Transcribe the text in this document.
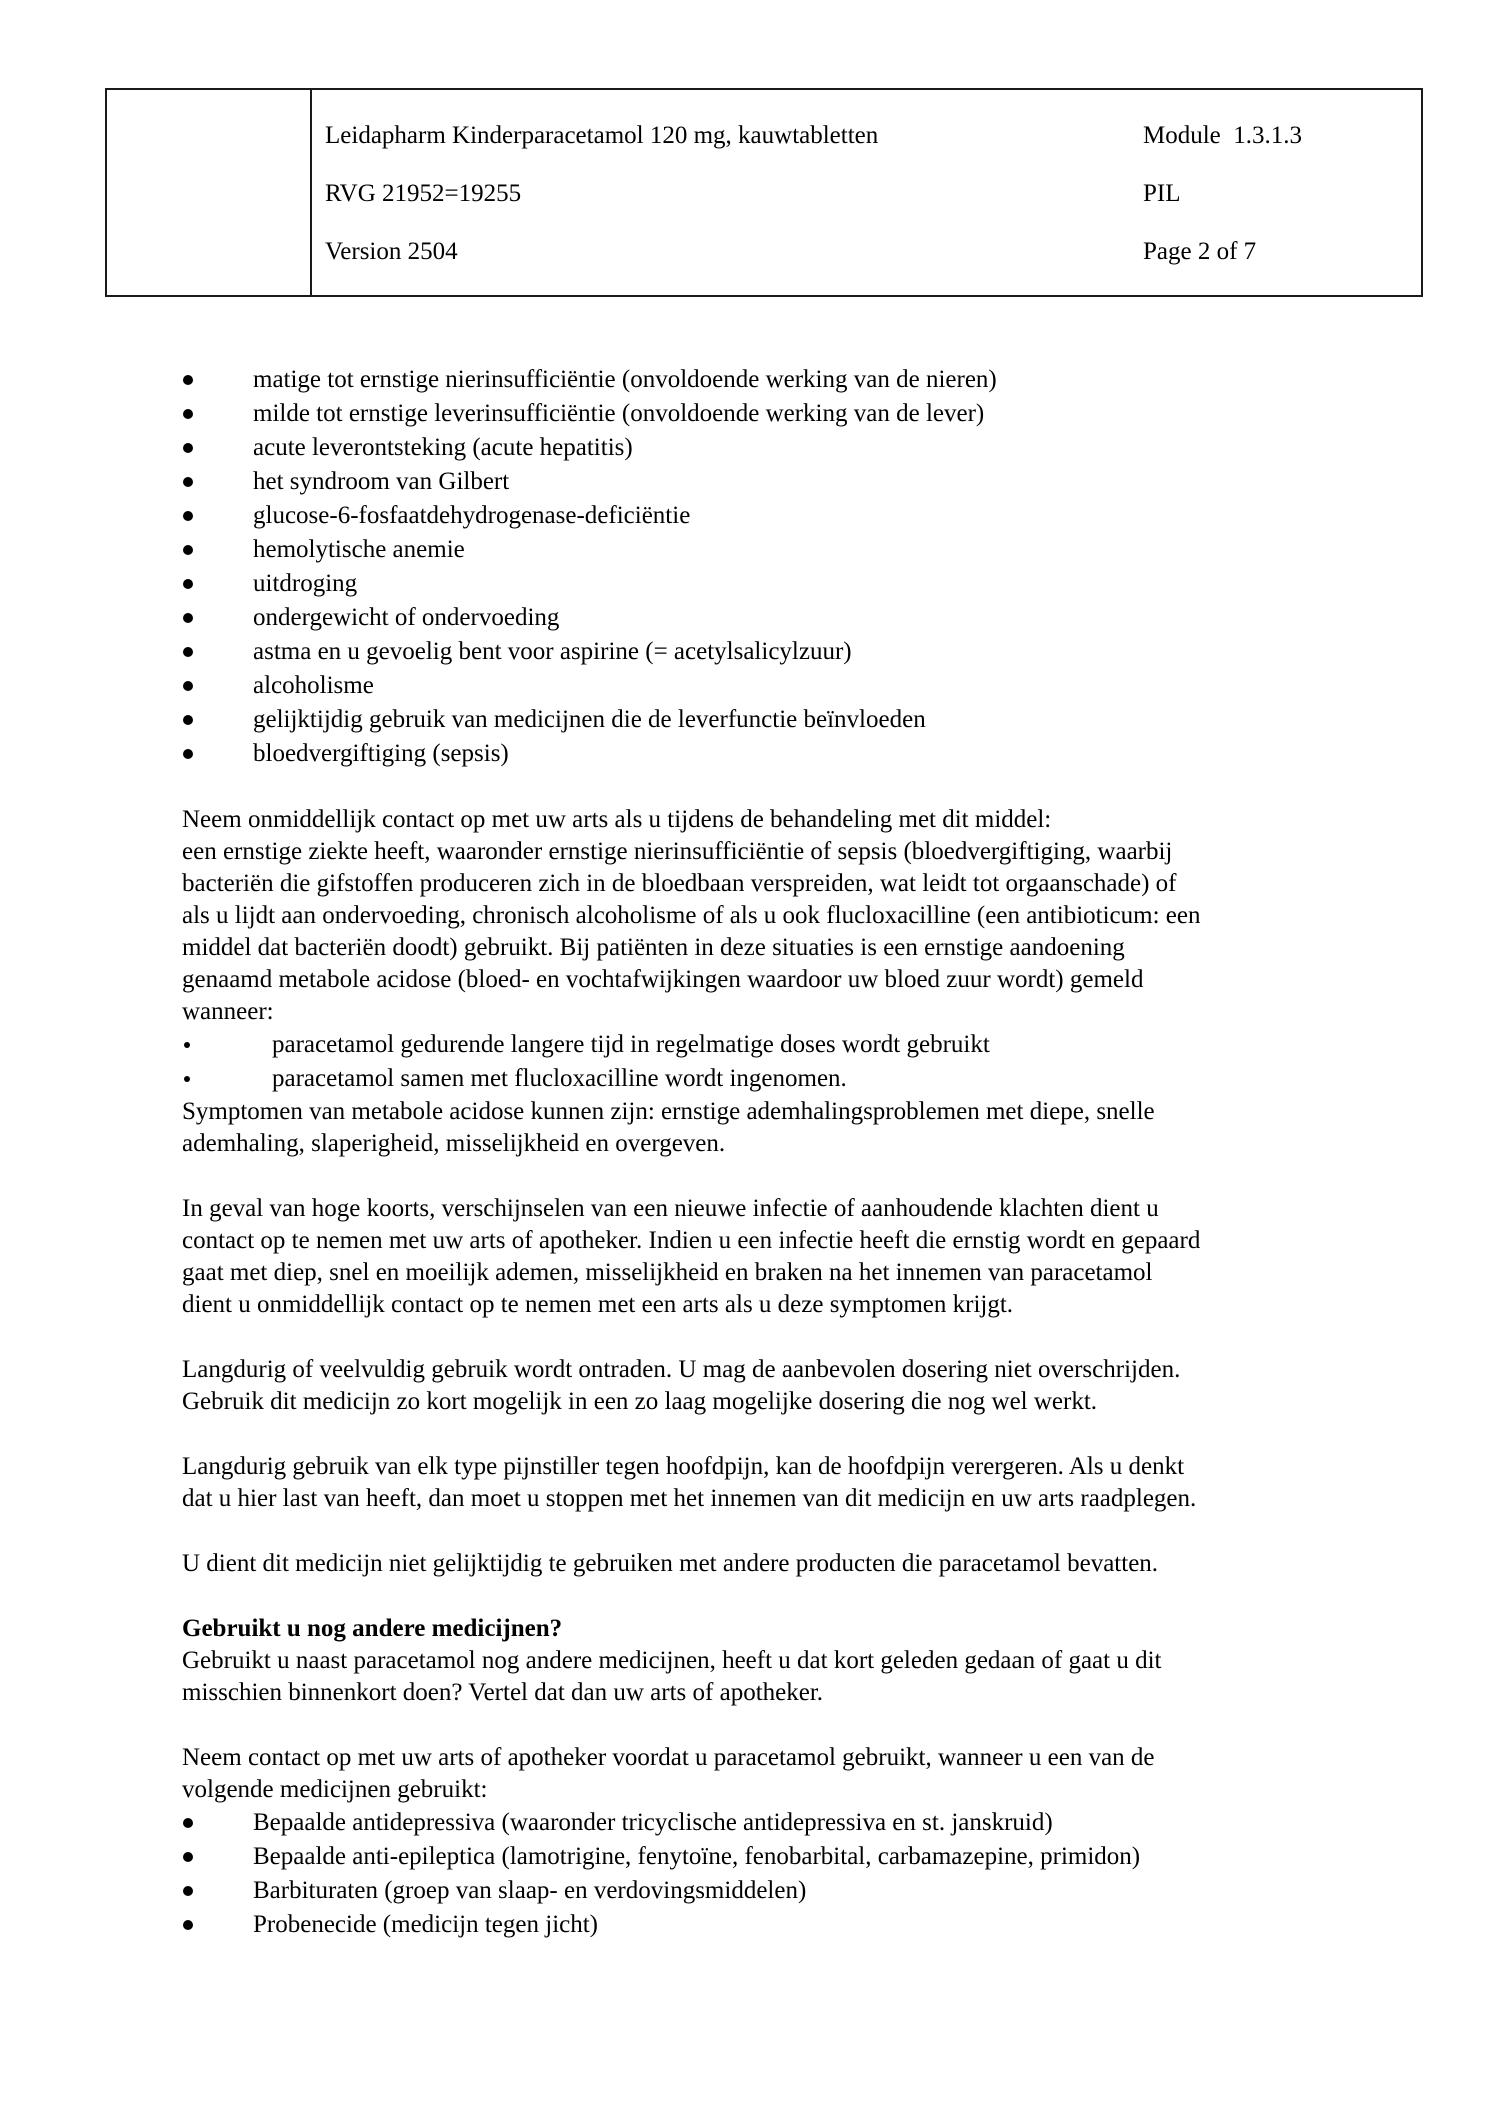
Leidapharm Kinderparacetamol 120 mg, kauwtabletten
RVG 21952=19255
Version 2504
Module  1.3.1.3
PIL
Page 2 of 7
matige tot ernstige nierinsufficiëntie (onvoldoende werking van de nieren)
milde tot ernstige leverinsufficiëntie (onvoldoende werking van de lever)
acute leverontsteking (acute hepatitis)
het syndroom van Gilbert
glucose-6-fosfaatdehydrogenase-deficiëntie
hemolytische anemie
uitdroging
ondergewicht of ondervoeding
astma en u gevoelig bent voor aspirine (= acetylsalicylzuur)
alcoholisme
gelijktijdig gebruik van medicijnen die de leverfunctie beïnvloeden
bloedvergiftiging (sepsis)
Neem onmiddellijk contact op met uw arts als u tijdens de behandeling met dit middel:
een ernstige ziekte heeft, waaronder ernstige nierinsufficiëntie of sepsis (bloedvergiftiging, waarbij
bacteriën die gifstoffen produceren zich in de bloedbaan verspreiden, wat leidt tot orgaanschade) of
als u lijdt aan ondervoeding, chronisch alcoholisme of als u ook flucloxacilline (een antibioticum: een
middel dat bacteriën doodt) gebruikt. Bij patiënten in deze situaties is een ernstige aandoening
genaamd metabole acidose (bloed- en vochtafwijkingen waardoor uw bloed zuur wordt) gemeld
wanneer:
paracetamol gedurende langere tijd in regelmatige doses wordt gebruikt
paracetamol samen met flucloxacilline wordt ingenomen.
Symptomen van metabole acidose kunnen zijn: ernstige ademhalingsproblemen met diepe, snelle
ademhaling, slaperigheid, misselijkheid en overgeven.
In geval van hoge koorts, verschijnselen van een nieuwe infectie of aanhoudende klachten dient u
contact op te nemen met uw arts of apotheker. Indien u een infectie heeft die ernstig wordt en gepaard
gaat met diep, snel en moeilijk ademen, misselijkheid en braken na het innemen van paracetamol
dient u onmiddellijk contact op te nemen met een arts als u deze symptomen krijgt.
Langdurig of veelvuldig gebruik wordt ontraden. U mag de aanbevolen dosering niet overschrijden.
Gebruik dit medicijn zo kort mogelijk in een zo laag mogelijke dosering die nog wel werkt.
Langdurig gebruik van elk type pijnstiller tegen hoofdpijn, kan de hoofdpijn verergeren. Als u denkt
dat u hier last van heeft, dan moet u stoppen met het innemen van dit medicijn en uw arts raadplegen.
U dient dit medicijn niet gelijktijdig te gebruiken met andere producten die paracetamol bevatten.
Gebruikt u nog andere medicijnen?
Gebruikt u naast paracetamol nog andere medicijnen, heeft u dat kort geleden gedaan of gaat u dit
misschien binnenkort doen? Vertel dat dan uw arts of apotheker.
Neem contact op met uw arts of apotheker voordat u paracetamol gebruikt, wanneer u een van de
volgende medicijnen gebruikt:
Bepaalde antidepressiva (waaronder tricyclische antidepressiva en st. janskruid)
Bepaalde anti-epileptica (lamotrigine, fenytoïne, fenobarbital, carbamazepine, primidon)
Barbituraten (groep van slaap- en verdovingsmiddelen)
Probenecide (medicijn tegen jicht)
